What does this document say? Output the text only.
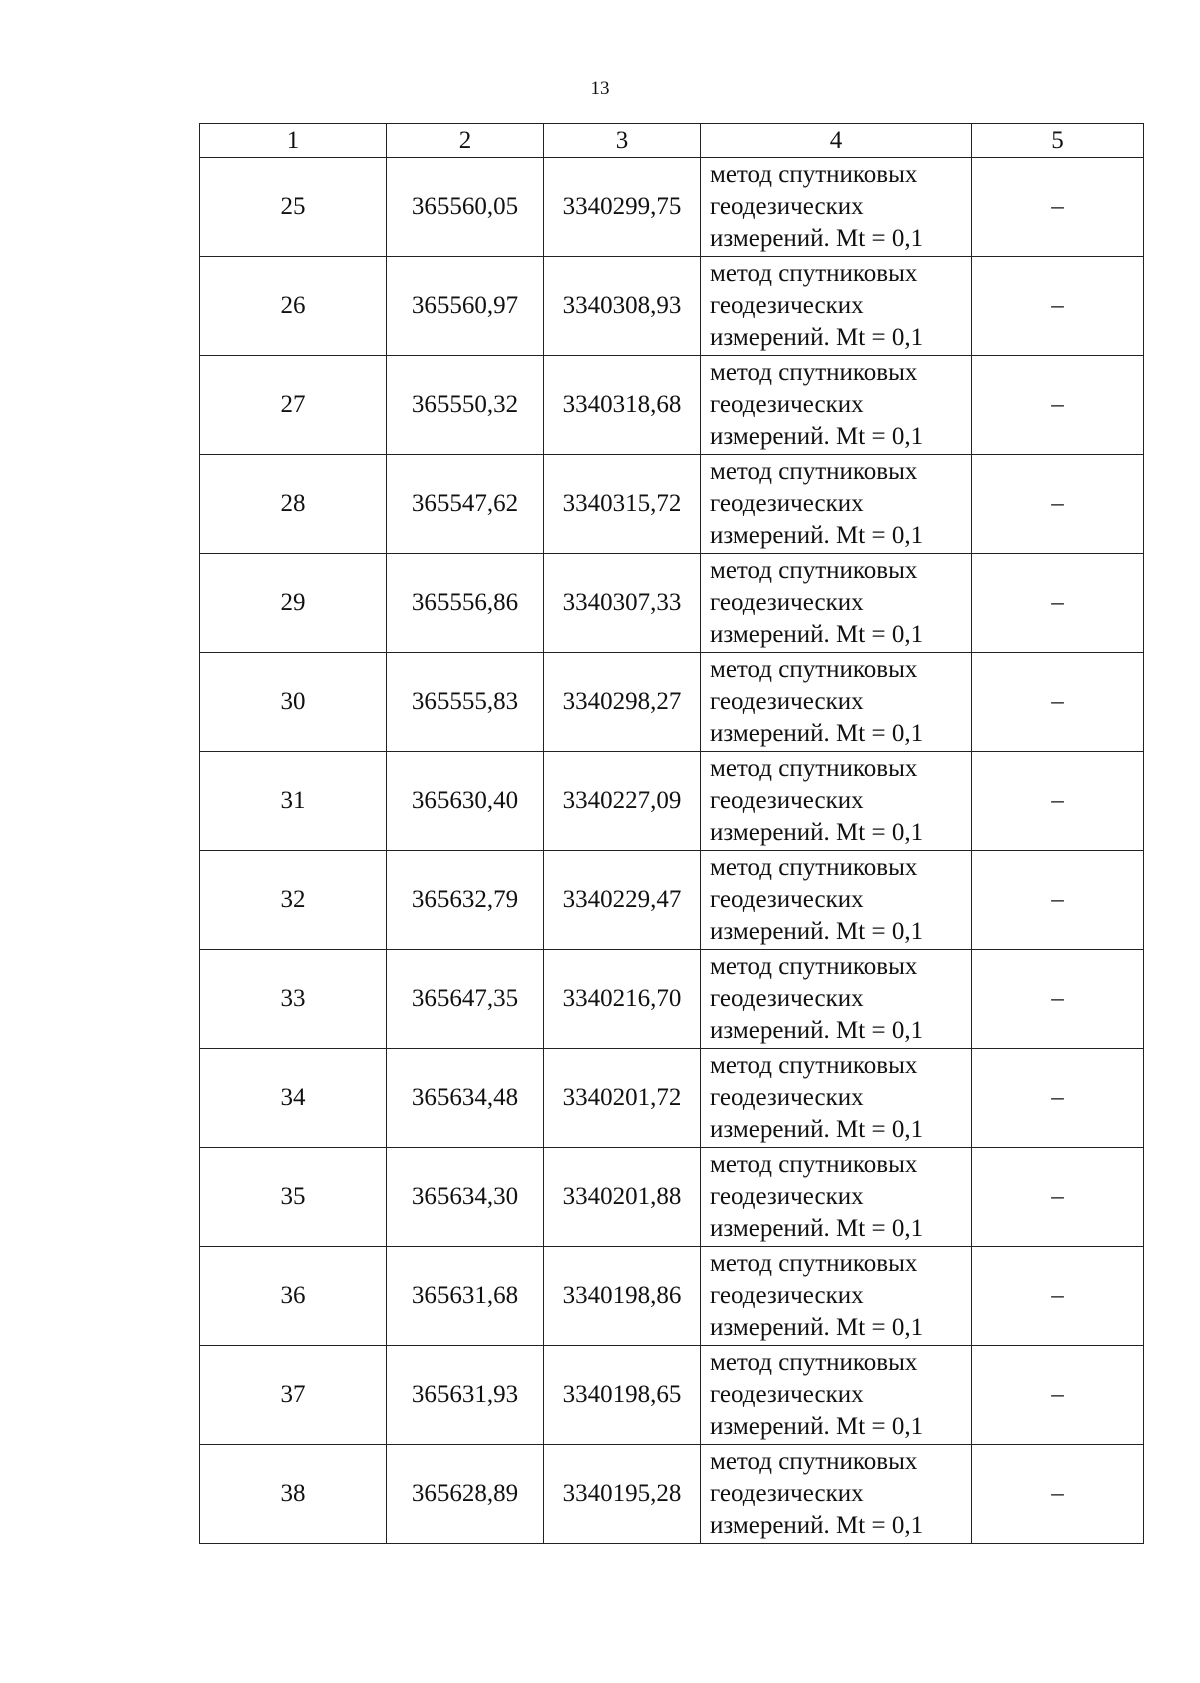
13
1	2	3	4	5
25	365560,05	3340299,75	метод спутниковых
геодезических
измерений. Mt = 0,1	–
26	365560,97	3340308,93	метод спутниковых
геодезических
измерений. Mt = 0,1	–
27	365550,32	3340318,68	метод спутниковых
геодезических
измерений. Mt = 0,1	–
28	365547,62	3340315,72	метод спутниковых
геодезических
измерений. Mt = 0,1	–
29	365556,86	3340307,33	метод спутниковых
геодезических
измерений. Mt = 0,1	–
30	365555,83	3340298,27	метод спутниковых
геодезических
измерений. Mt = 0,1	–
31	365630,40	3340227,09	метод спутниковых
геодезических
измерений. Mt = 0,1	–
32	365632,79	3340229,47	метод спутниковых
геодезических
измерений. Mt = 0,1	–
33	365647,35	3340216,70	метод спутниковых
геодезических
измерений. Mt = 0,1	–
34	365634,48	3340201,72	метод спутниковых
геодезических
измерений. Mt = 0,1	–
35	365634,30	3340201,88	метод спутниковых
геодезических
измерений. Mt = 0,1	–
36	365631,68	3340198,86	метод спутниковых
геодезических
измерений. Mt = 0,1	–
37	365631,93	3340198,65	метод спутниковых
геодезических
измерений. Mt = 0,1	–
38	365628,89	3340195,28	метод спутниковых
геодезических
измерений. Mt = 0,1	–
